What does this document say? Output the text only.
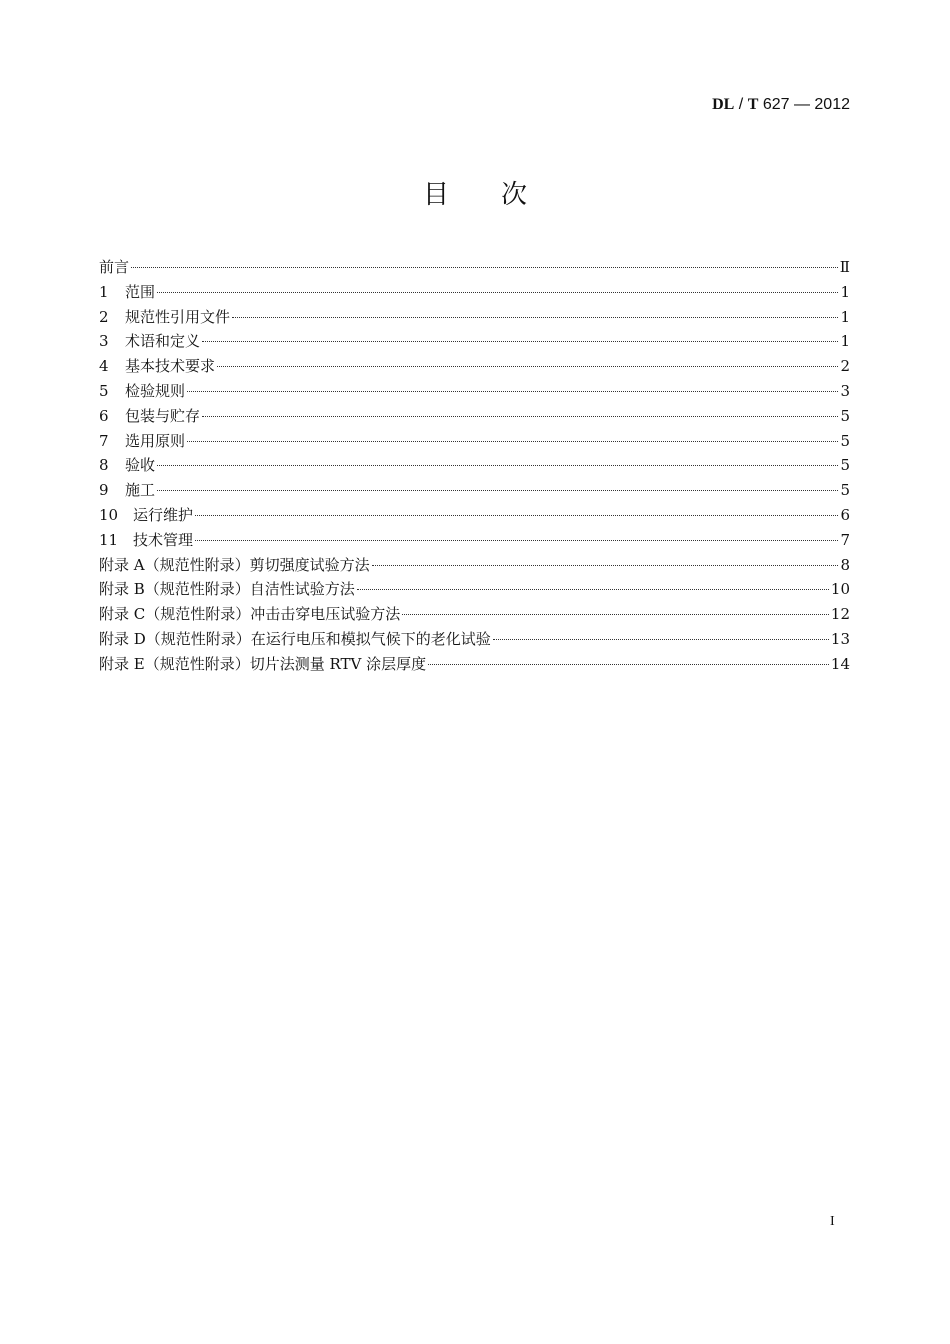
DL / T 627 — 2012
目 次
前言	Ⅱ
1	范围	1
2	规范性引用文件	1
3	术语和定义	1
4	基本技术要求	2
5	检验规则	3
6	包装与贮存	5
7	选用原则	5
8	验收	5
9	施工	5
10 运行维护	6
11 技术管理	7
附录 A（规范性附录）剪切强度试验方法	8
附录 B（规范性附录）自洁性试验方法	10
附录 C（规范性附录）冲击击穿电压试验方法	12
附录 D（规范性附录）在运行电压和模拟气候下的老化试验	13
附录 E（规范性附录）切片法测量 RTV 涂层厚度	14
I
